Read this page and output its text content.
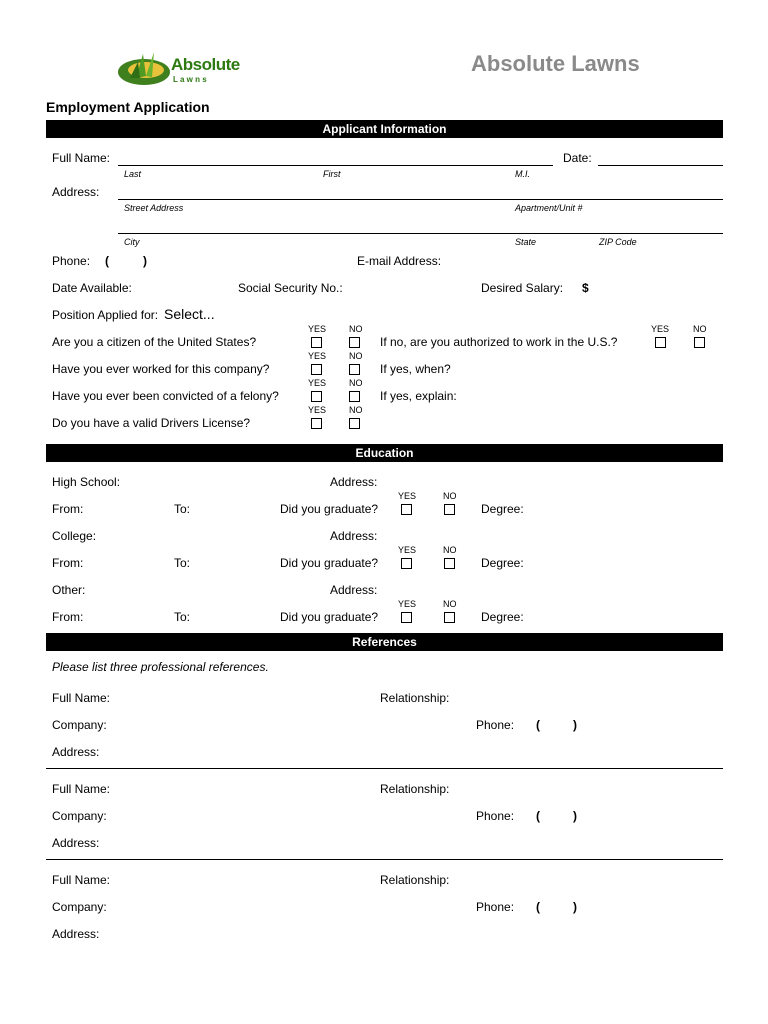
Absolute
L a w n s
Absolute Lawns
Employment Application
Applicant Information
Full Name:	Date:
Last	First	M.I.
Address:
Street Address	Apartment/Unit #
City	State	ZIP Code
Phone: (	)	E-mail Address:
Date Available:	Social Security No.:	Desired Salary: $
Position Applied for: Select...
YES	NO
Are you a citizen of the United States?	If no, are you authorized to work in the U.S.?
YES	NO
YES	NO
Have you ever worked for this company?	If yes, when?
YES	NO
Have you ever been convicted of a felony?	If yes, explain:
YES	NO
Do you have a valid Drivers License?
Education
High School:	Address:
YES	NO
From:	To:	Did you graduate?	Degree:
College:	Address:
YES	NO
From:	To:	Did you graduate?	Degree:
Other:	Address:
YES	NO
From:	To:	Did you graduate?	Degree:
References
Please list three professional references.
Full Name:	Relationship:
Company:	Phone: (	)
Address:
Full Name:	Relationship:
Company:	Phone: (	)
Address:
Full Name:	Relationship:
Company:	Phone: (	)
Address:
